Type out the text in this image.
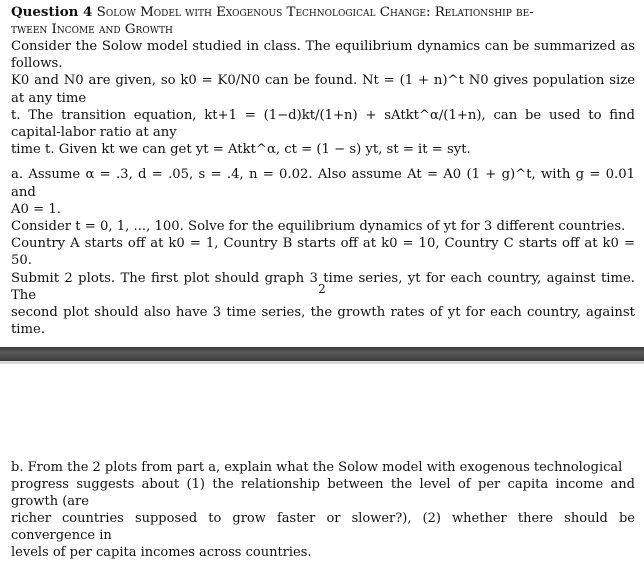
Question 4 Solow Model with Exogenous Technological Change: Relationship be-
tween Income and Growth
Consider the Solow model studied in class. The equilibrium dynamics can be summarized as follows.
K0 and N0 are given, so k0 = K0/N0 can be found. Nt = (1 + n)^t N0 gives population size at any time
t. The transition equation, kt+1 = (1−d)kt/(1+n) + sAtkt^α/(1+n), can be used to find capital-labor ratio at any
time t. Given kt we can get yt = Atkt^α, ct = (1 − s) yt, st = it = syt.
a. Assume α = .3, d = .05, s = .4, n = 0.02. Also assume At = A0 (1 + g)^t, with g = 0.01 and
A0 = 1.
Consider t = 0, 1, ..., 100. Solve for the equilibrium dynamics of yt for 3 different countries.
Country A starts off at k0 = 1, Country B starts off at k0 = 10, Country C starts off at k0 = 50.
Submit 2 plots. The first plot should graph 3 time series, yt for each country, against time. The
second plot should also have 3 time series, the growth rates of yt for each country, against time.
2
b. From the 2 plots from part a, explain what the Solow model with exogenous technological
progress suggests about (1) the relationship between the level of per capita income and growth (are
richer countries supposed to grow faster or slower?), (2) whether there should be convergence in
levels of per capita incomes across countries.
